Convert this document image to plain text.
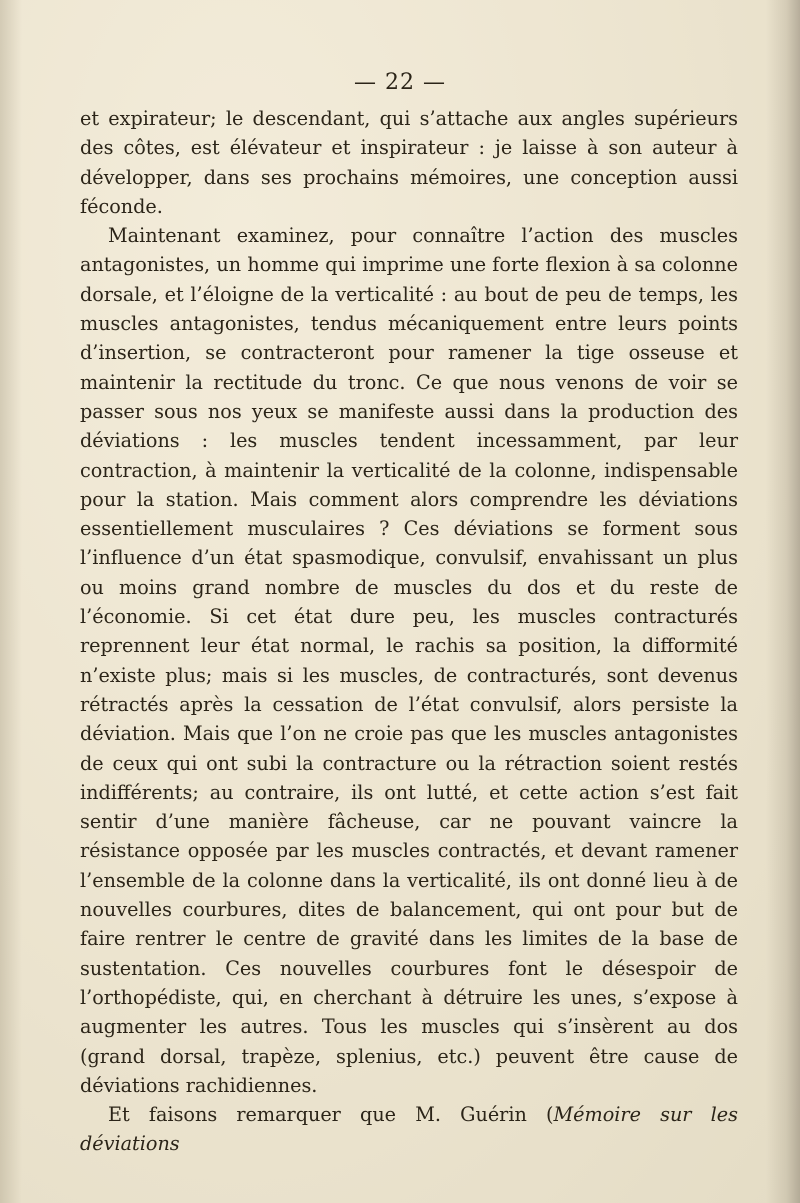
— 22 —

et expirateur; le descendant, qui s’attache aux angles supérieurs des côtes, est élévateur et inspirateur : je laisse à son auteur à développer, dans ses prochains mémoires, une conception aussi féconde.

Maintenant examinez, pour connaître l’action des muscles antagonistes, un homme qui imprime une forte flexion à sa colonne dorsale, et l’éloigne de la verticalité : au bout de peu de temps, les muscles antagonistes, tendus mécaniquement entre leurs points d’insertion, se contracteront pour ramener la tige osseuse et maintenir la rectitude du tronc. Ce que nous venons de voir se passer sous nos yeux se manifeste aussi dans la production des déviations : les muscles tendent incessamment, par leur contraction, à maintenir la verticalité de la colonne, indispensable pour la station. Mais comment alors comprendre les déviations essentiellement musculaires ? Ces déviations se forment sous l’influence d’un état spasmodique, convulsif, envahissant un plus ou moins grand nombre de muscles du dos et du reste de l’économie. Si cet état dure peu, les muscles contracturés reprennent leur état normal, le rachis sa position, la difformité n’existe plus; mais si les muscles, de contracturés, sont devenus rétractés après la cessation de l’état convulsif, alors persiste la déviation. Mais que l’on ne croie pas que les muscles antagonistes de ceux qui ont subi la contracture ou la rétraction soient restés indifférents; au contraire, ils ont lutté, et cette action s’est fait sentir d’une manière fâcheuse, car ne pouvant vaincre la résistance opposée par les muscles contractés, et devant ramener l’ensemble de la colonne dans la verticalité, ils ont donné lieu à de nouvelles courbures, dites de balancement, qui ont pour but de faire rentrer le centre de gravité dans les limites de la base de sustentation. Ces nouvelles courbures font le désespoir de l’orthopédiste, qui, en cherchant à détruire les unes, s’expose à augmenter les autres. Tous les muscles qui s’insèrent au dos (grand dorsal, trapèze, splenius, etc.) peuvent être cause de déviations rachidiennes.

Et faisons remarquer que M. Guérin (Mémoire sur les déviations
